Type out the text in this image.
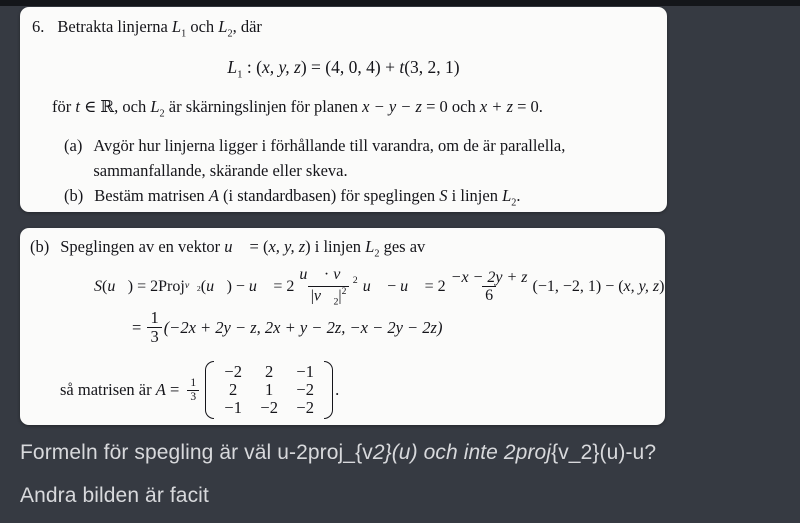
6. Betrakta linjerna $L_1$ och $L_2$, där
$L_1$ : (x, y, z) = (4, 0, 4) + t(3, 2, 1)
för t ∈ ℝ, och $L_2$ är skärningslinjen för planen x − y − z = 0 och x + z = 0.
(a) Avgör hur linjerna ligger i förhållande till varandra, om de är parallella,
sammanfallande, skärande eller skeva.
(b) Bestäm matrisen A (i standardbasen) för speglingen S i linjen $L_2$.
(b) Speglingen av en vektor u⃗ = (x, y, z) i linjen $L_2$ ges av
S ( u⃗ ) = 2 Proj $v⃗_2$ ( u⃗ ) − u⃗ = $2 \frac{u⃗ \cdot v⃗_2}{|v⃗_2|^2}$ u⃗ − u⃗ = $2 \frac{-x - 2y + z}{6} (-1$, −2, 1) − ( x, y, z )
= $\frac{1}{3} (-2x + 2y - z$, 2x + y − 2z, −x − 2y − 2z)
så matrisen är $A = \frac{1}{3}$
−2	2	−1
2	1	−2
−1 −2 −2
.
Formeln för spegling är väl u-2proj_{v2}(u) och inte 2proj{v_2}(u)-u?
Andra bilden är facit
